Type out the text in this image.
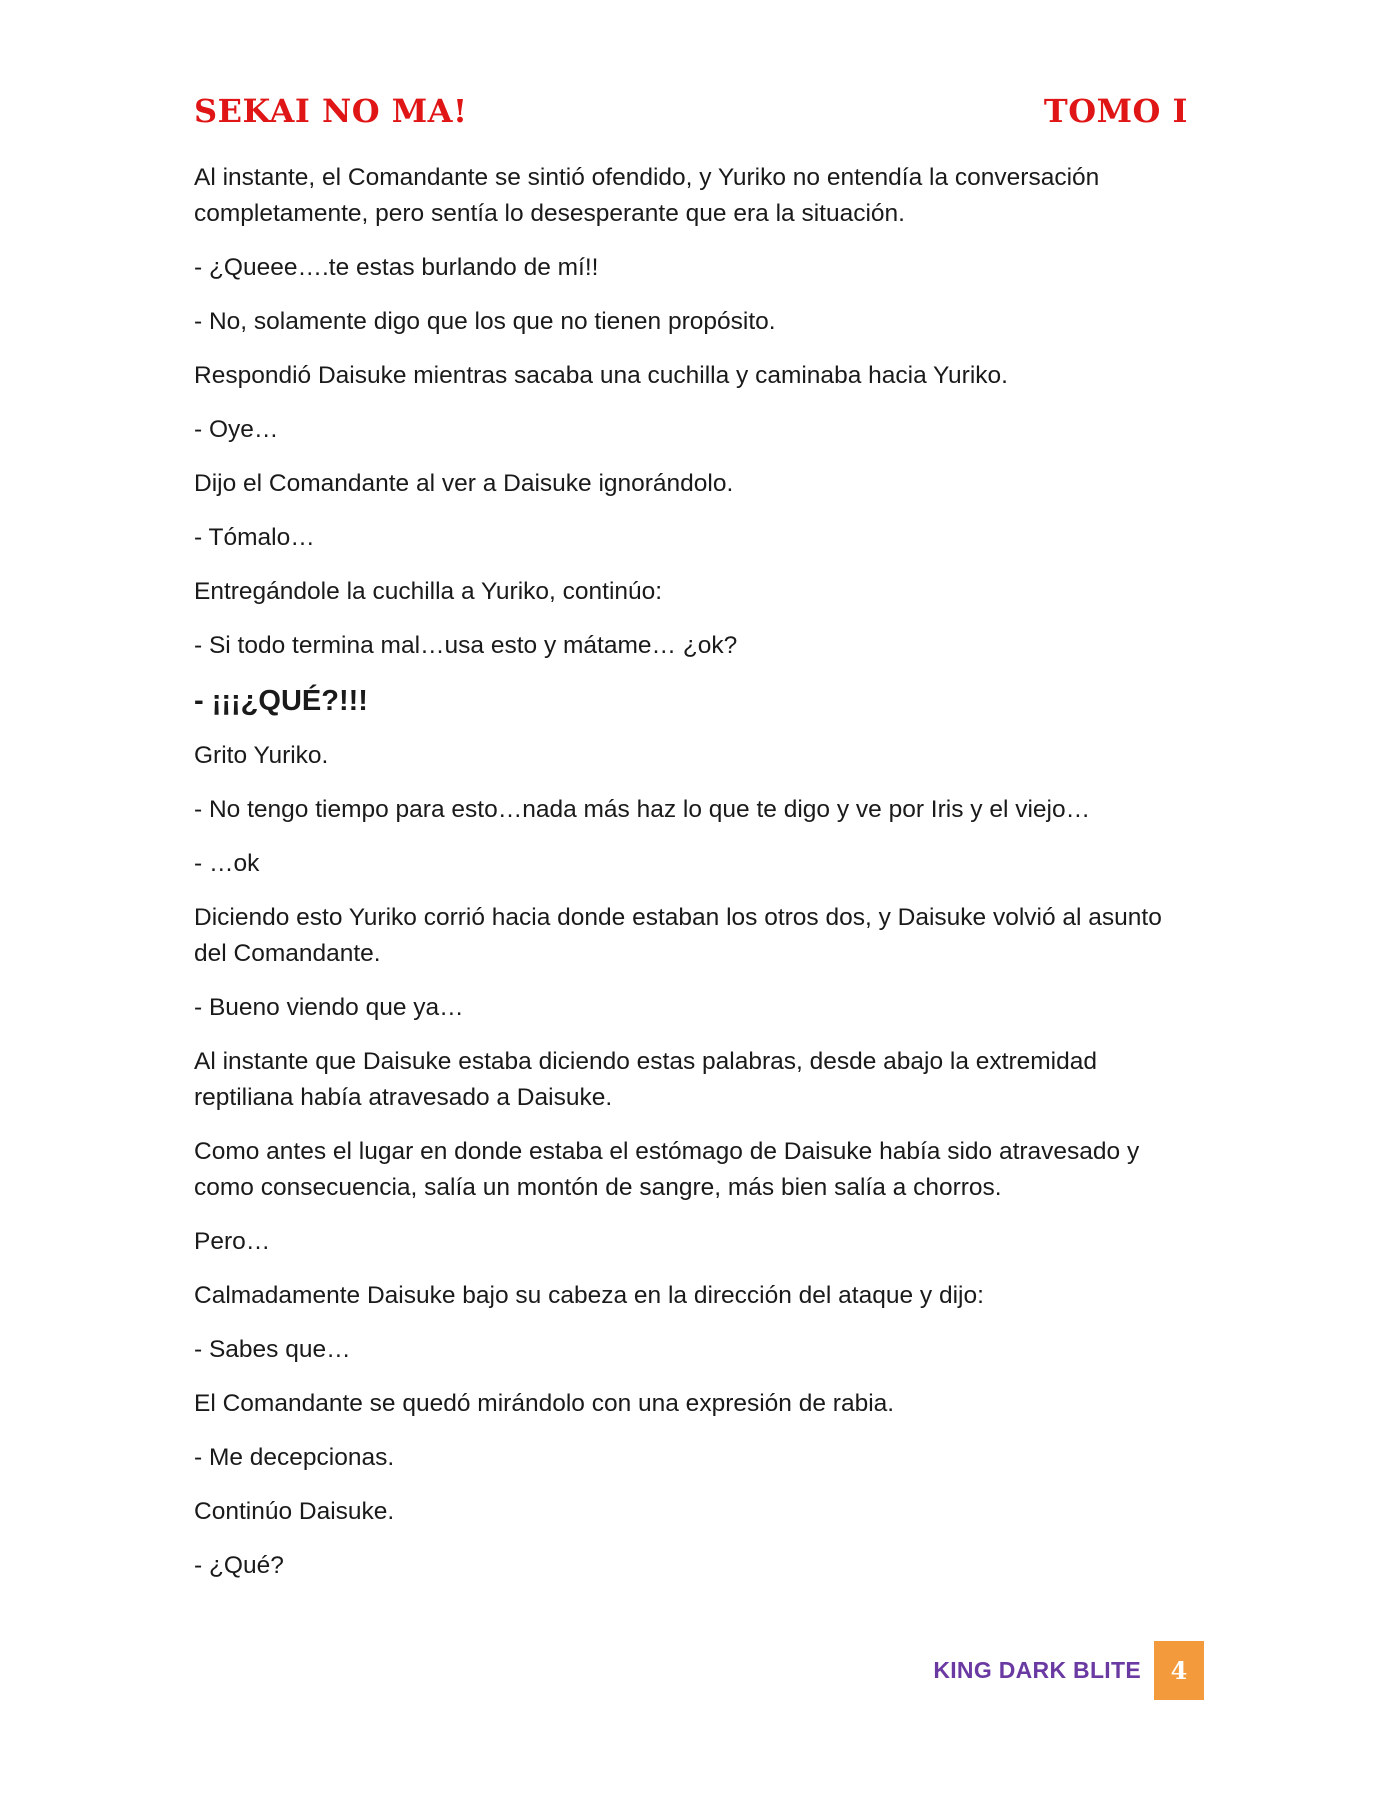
SEKAI NO MA!	TOMO I

Al instante, el Comandante se sintió ofendido, y Yuriko no entendía la conversación completamente, pero sentía lo desesperante que era la situación.

- ¿Queee….te estas burlando de mí!!

- No, solamente digo que los que no tienen propósito.

Respondió Daisuke mientras sacaba una cuchilla y caminaba hacia Yuriko.

- Oye…

Dijo el Comandante al ver a Daisuke ignorándolo.

- Tómalo…

Entregándole la cuchilla a Yuriko, continúo:

- Si todo termina mal…usa esto y mátame… ¿ok?

- ¡¡¡¿QUÉ?!!!

Grito Yuriko.

- No tengo tiempo para esto…nada más haz lo que te digo y ve por Iris y el viejo…

- …ok

Diciendo esto Yuriko corrió hacia donde estaban los otros dos, y Daisuke volvió al asunto del Comandante.

- Bueno viendo que ya…

Al instante que Daisuke estaba diciendo estas palabras, desde abajo la extremidad reptiliana había atravesado a Daisuke.

Como antes el lugar en donde estaba el estómago de Daisuke había sido atravesado y como consecuencia, salía un montón de sangre, más bien salía a chorros.

Pero…

Calmadamente Daisuke bajo su cabeza en la dirección del ataque y dijo:

- Sabes que…

El Comandante se quedó mirándolo con una expresión de rabia.

- Me decepcionas.

Continúo Daisuke.

- ¿Qué?

KING DARK BLITE 4
